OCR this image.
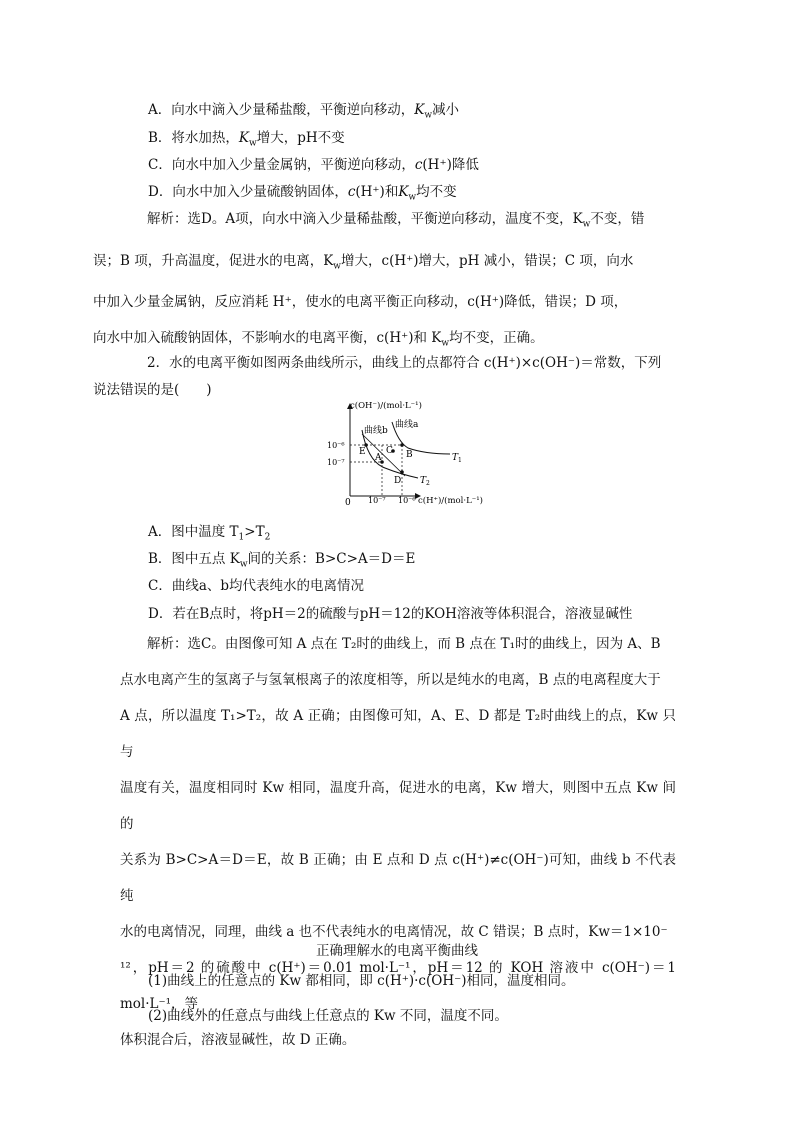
A．向水中滴入少量稀盐酸，平衡逆向移动，$K_w$减小
B．将水加热，$K_w$增大，pH不变
C．向水中加入少量金属钠，平衡逆向移动，c(H⁺)降低
D．向水中加入少量硫酸钠固体，c(H⁺)和$K_w$均不变
解析：选D。A项，向水中滴入少量稀盐酸，平衡逆向移动，温度不变，$K_w$不变，错
误；B 项，升高温度，促进水的电离，$K_w$增大，c(H⁺)增大，pH 减小，错误；C 项，向水
中加入少量金属钠，反应消耗 H⁺，使水的电离平衡正向移动，c(H⁺)降低，错误；D 项，
向水中加入硫酸钠固体，不影响水的电离平衡，c(H⁺)和 $K_w$均不变，正确。
2．水的电离平衡如图两条曲线所示，曲线上的点都符合 c(H⁺)×c(OH⁻)＝常数，下列
说法错误的是(　　)
c(OH⁻)/(mol·L⁻¹)
c(H⁺)/(mol·L⁻¹)
0
10⁻⁶
10⁻⁷
10⁻⁷ 10⁻⁶
曲线b
曲线a
$T_1$
$T_2$
E
A
C B
D
A．图中温度 $T_1>T_2$
B．图中五点 $K_w$间的关系：B>C>A＝D＝E
C．曲线a、b均代表纯水的电离情况
D．若在B点时，将pH＝2的硫酸与pH＝12的KOH溶液等体积混合，溶液显碱性
解析：选C。由图像可知 A 点在 T₂时的曲线上，而 B 点在 T₁时的曲线上，因为 A、B
点水电离产生的氢离子与氢氧根离子的浓度相等，所以是纯水的电离，B 点的电离程度大于
A 点，所以温度 T₁>T₂，故 A 正确；由图像可知，A、E、D 都是 T₂时曲线上的点，Kw 只与
温度有关，温度相同时 Kw 相同，温度升高，促进水的电离，Kw 增大，则图中五点 Kw 间的
关系为 B>C>A＝D＝E，故 B 正确；由 E 点和 D 点 c(H⁺)≠c(OH⁻)可知，曲线 b 不代表纯
水的电离情况，同理，曲线 a 也不代表纯水的电离情况，故 C 错误；B 点时，Kw＝1×10⁻
¹²，pH＝2 的硫酸中 c(H⁺)＝0.01 mol·L⁻¹，pH＝12 的 KOH 溶液中 c(OH⁻)＝1 mol·L⁻¹，等
体积混合后，溶液显碱性，故 D 正确。
正确理解水的电离平衡曲线
(1)曲线上的任意点的 Kw 都相同，即 c(H⁺)·c(OH⁻)相同，温度相同。
(2)曲线外的任意点与曲线上任意点的 Kw 不同，温度不同。
